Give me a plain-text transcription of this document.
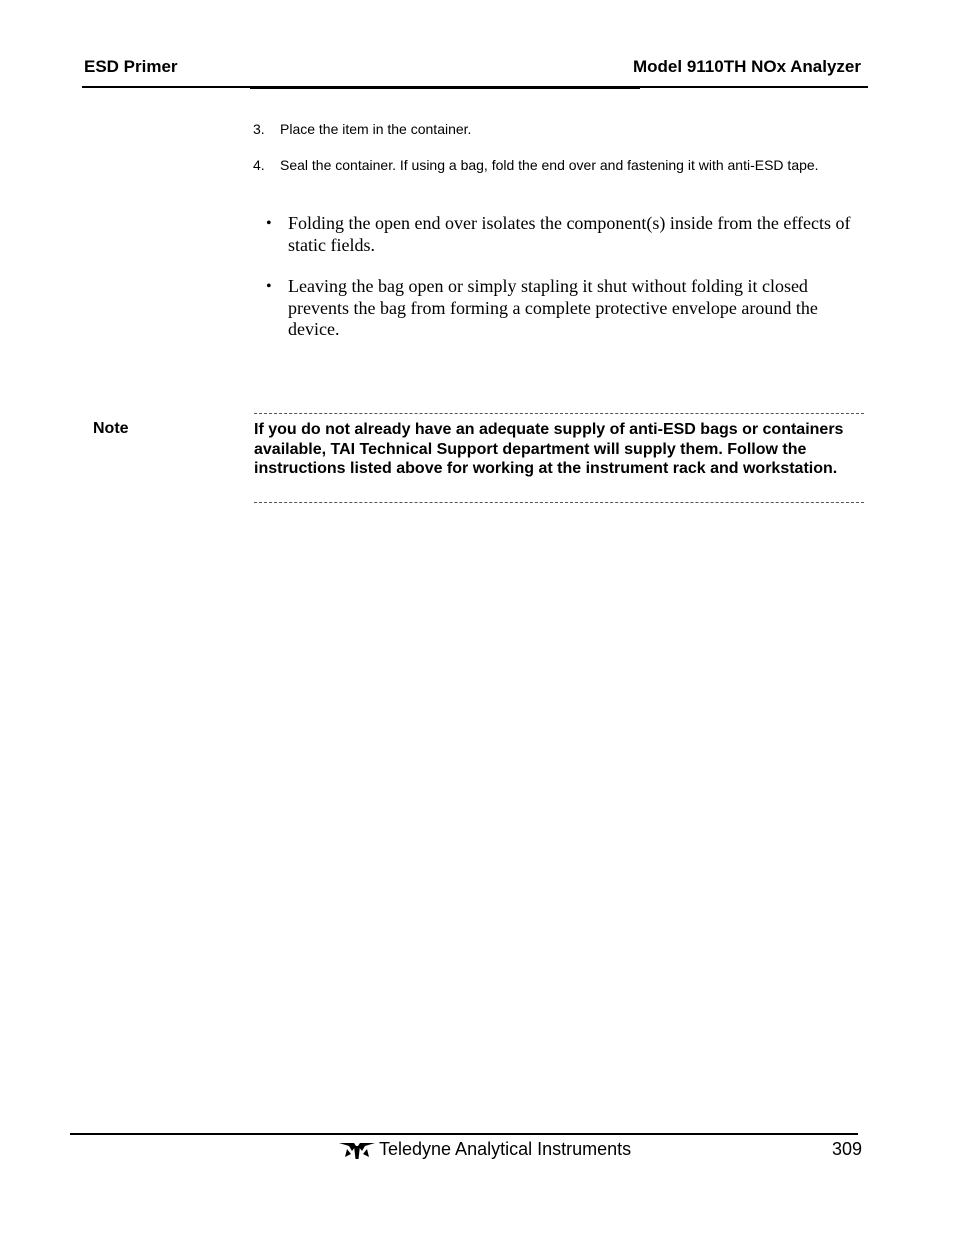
ESD Primer	Model 9110TH NOx Analyzer
3. Place the item in the container.
4. Seal the container. If using a bag, fold the end over and fastening it with anti-ESD tape.
• Folding the open end over isolates the component(s) inside from the effects of static fields.
• Leaving the bag open or simply stapling it shut without folding it closed prevents the bag from forming a complete protective envelope around the device.

Note	If you do not already have an adequate supply of anti-ESD bags or containers available, TAI Technical Support department will supply them. Follow the instructions listed above for working at the instrument rack and workstation.

Teledyne Analytical Instruments	309
